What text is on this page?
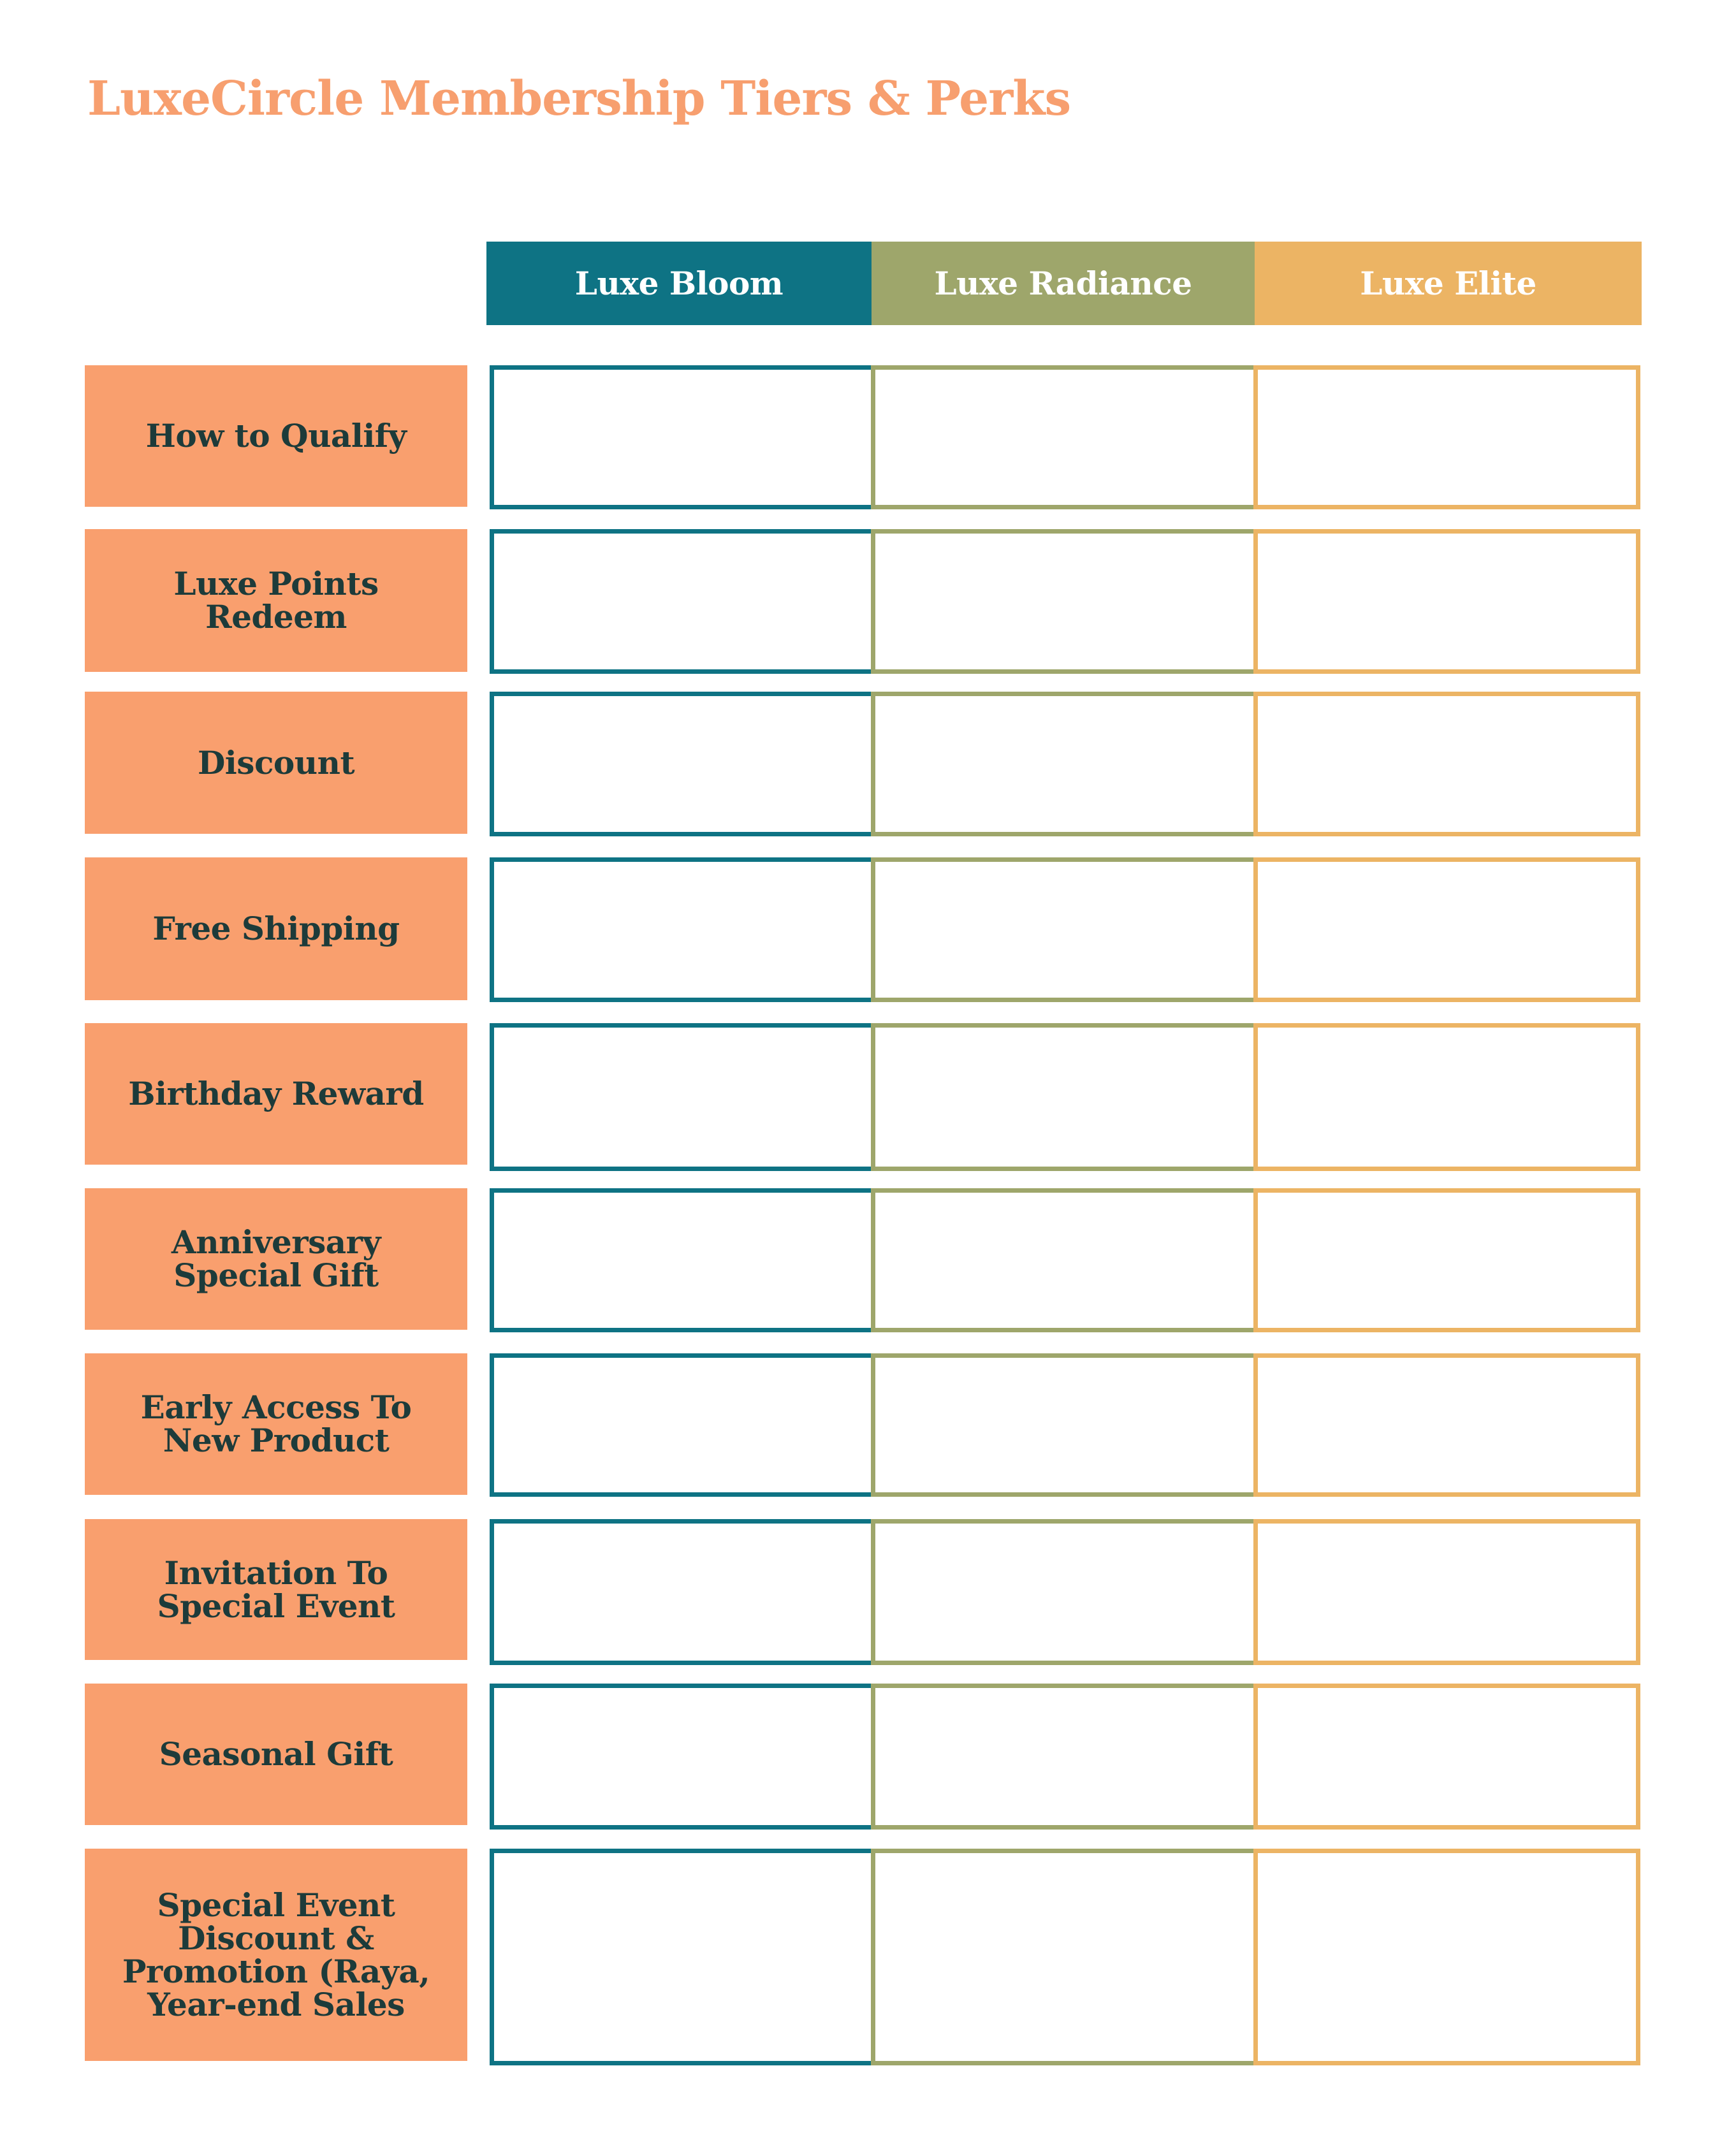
LuxeCircle Membership Tiers & Perks
Luxe Bloom	Luxe Radiance	Luxe Elite
How to Qualify
Luxe Points Redeem
Discount
Free Shipping
Birthday Reward
Anniversary Special Gift
Early Access To New Product
Invitation To Special Event
Seasonal Gift
Special Event Discount & Promotion (Raya, Year-end Sales
